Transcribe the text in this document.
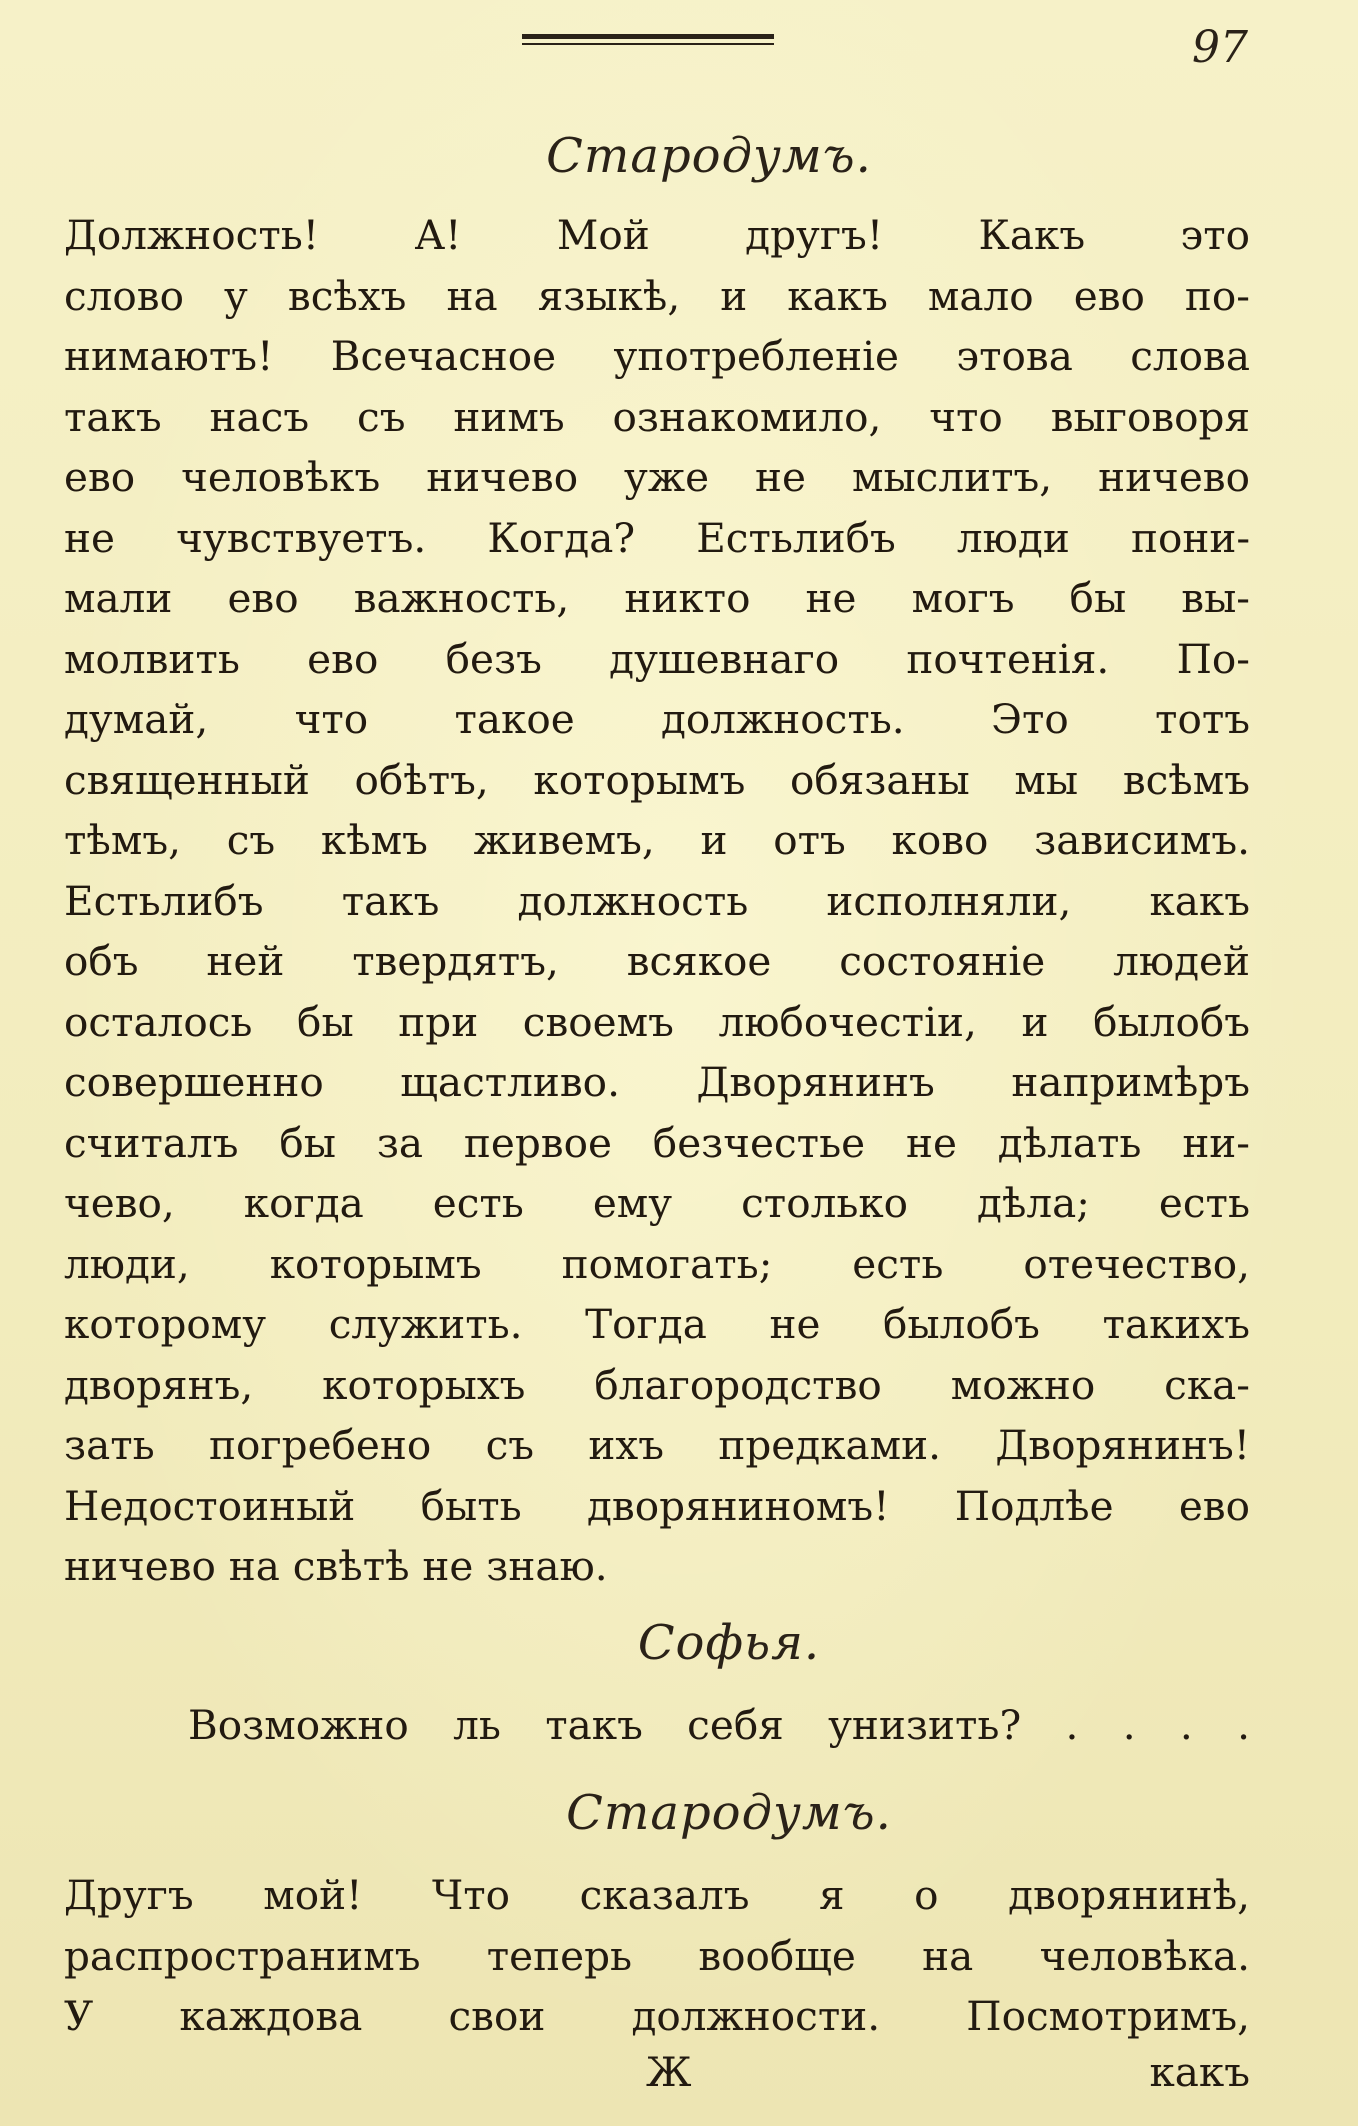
97
Стародумъ.
Должность! А! Мой другъ! Какъ это
слово у всѣхъ на языкѣ, и какъ мало ево по-
нимаютъ! Всечасное употребленіе этова слова
такъ насъ съ нимъ ознакомило, что выговоря
ево человѣкъ ничево уже не мыслитъ, ничево
не чувствуетъ. Когда? Естьлибъ люди пони-
мали ево важность, никто не могъ бы вы-
молвить ево безъ душевнаго почтенія. По-
думай, что такое должность. Это тотъ
священный обѣтъ, которымъ обязаны мы всѣмъ
тѣмъ, съ кѣмъ живемъ, и отъ ково зависимъ.
Естьлибъ такъ должность исполняли, какъ
объ ней твердятъ, всякое состояніе людей
осталось бы при своемъ любочестіи, и былобъ
совершенно щастливо. Дворянинъ напримѣръ
считалъ бы за первое безчестье не дѣлать ни-
чево, когда есть ему столько дѣла; есть
люди, которымъ помогать; есть отечество,
которому служить. Тогда не былобъ такихъ
дворянъ, которыхъ благородство можно ска-
зать погребено съ ихъ предками. Дворянинъ!
Недостоиный быть дворяниномъ! Подлѣе ево
ничево на свѣтѣ не знаю.
Софья.
Возможно ль такъ себя унизить? . . . .
Стародумъ.
Другъ мой! Что сказалъ я о дворянинѣ,
распространимъ теперь вообще на человѣка.
У каждова свои должности. Посмотримъ,
Ж	какъ
